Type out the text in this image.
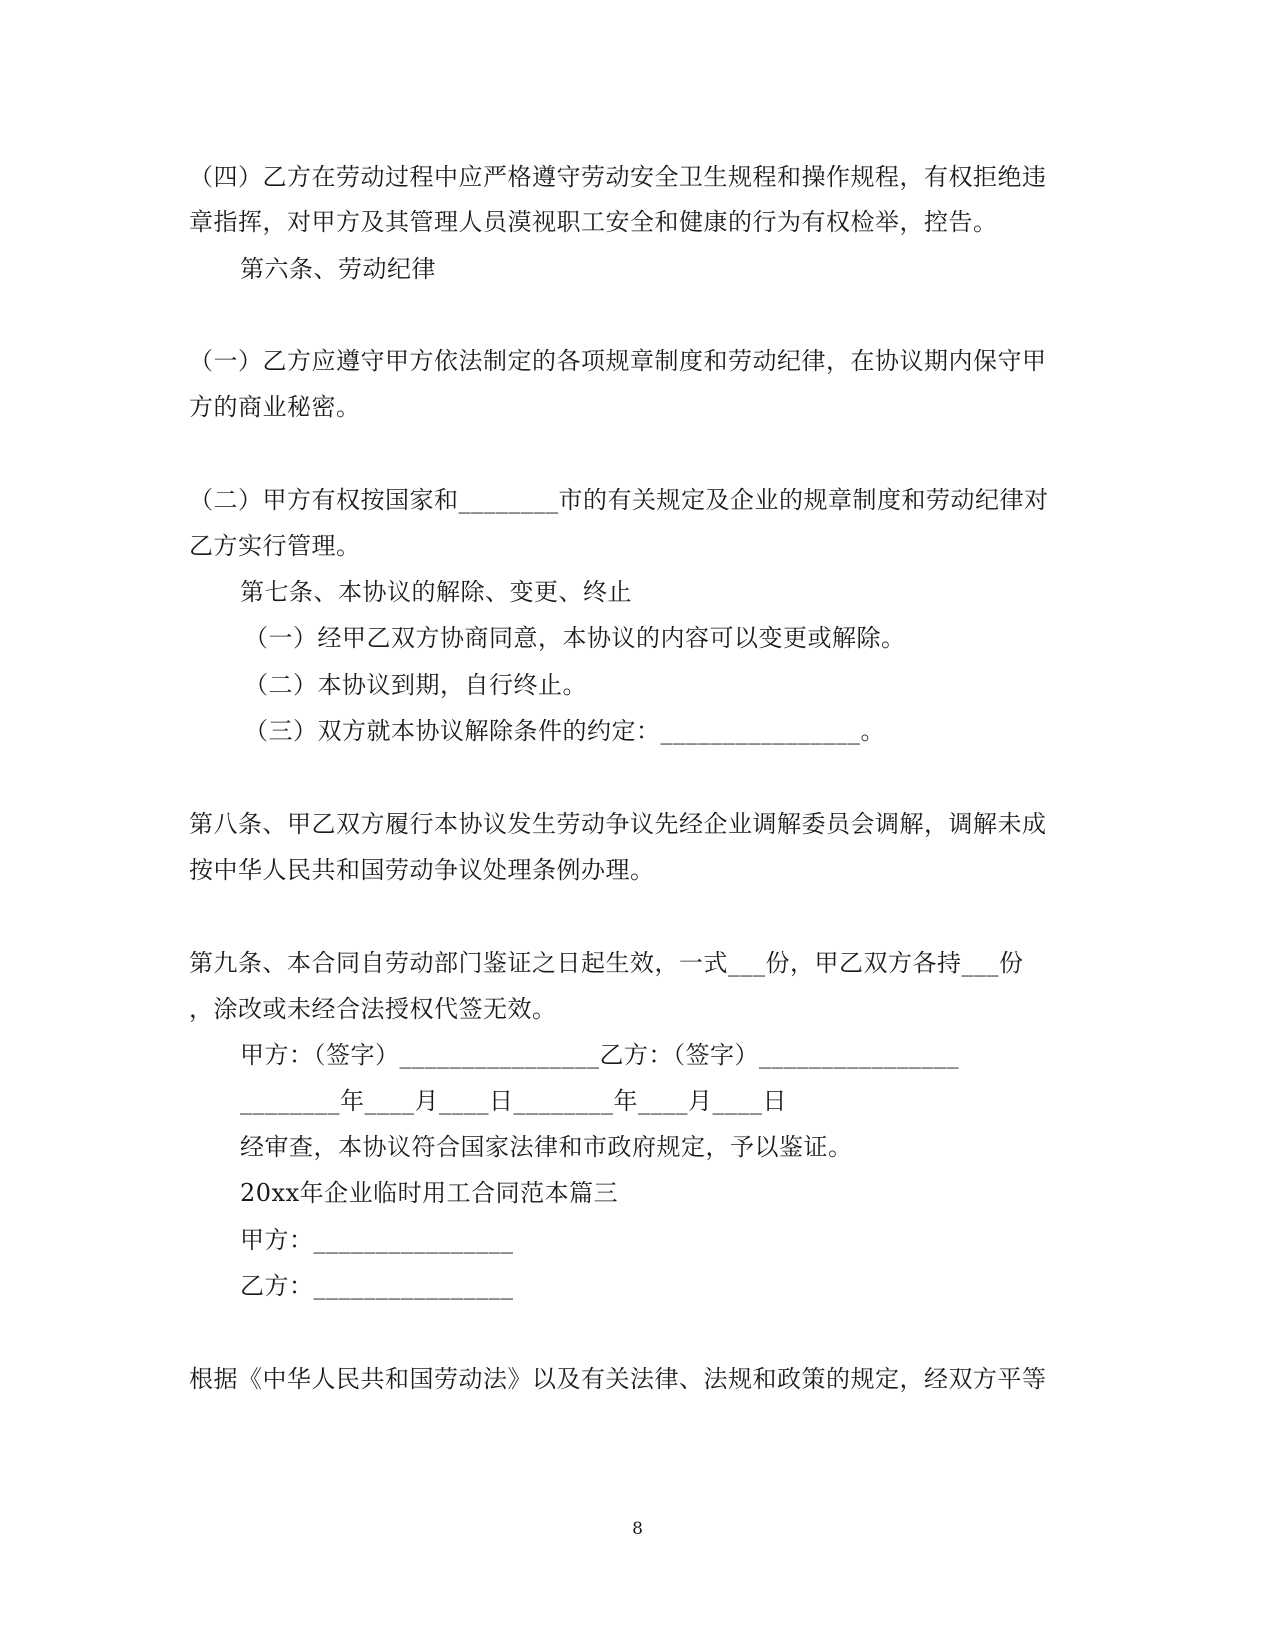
（四）乙方在劳动过程中应严格遵守劳动安全卫生规程和操作规程，有权拒绝违
章指挥，对甲方及其管理人员漠视职工安全和健康的行为有权检举，控告。
第六条、劳动纪律
（一）乙方应遵守甲方依法制定的各项规章制度和劳动纪律，在协议期内保守甲
方的商业秘密。
（二）甲方有权按国家和________市的有关规定及企业的规章制度和劳动纪律对
乙方实行管理。
第七条、本协议的解除、变更、终止
（一）经甲乙双方协商同意，本协议的内容可以变更或解除。
（二）本协议到期，自行终止。
（三）双方就本协议解除条件的约定：________________。
第八条、甲乙双方履行本协议发生劳动争议先经企业调解委员会调解，调解未成
按中华人民共和国劳动争议处理条例办理。
第九条、本合同自劳动部门鉴证之日起生效，一式___份，甲乙双方各持___份
，涂改或未经合法授权代签无效。
甲方：（签字）________________乙方：（签字）________________
________年____月____日________年____月____日
经审查，本协议符合国家法律和市政府规定，予以鉴证。
20xx年企业临时用工合同范本篇三
甲方：________________
乙方：________________
根据《中华人民共和国劳动法》以及有关法律、法规和政策的规定，经双方平等
8
